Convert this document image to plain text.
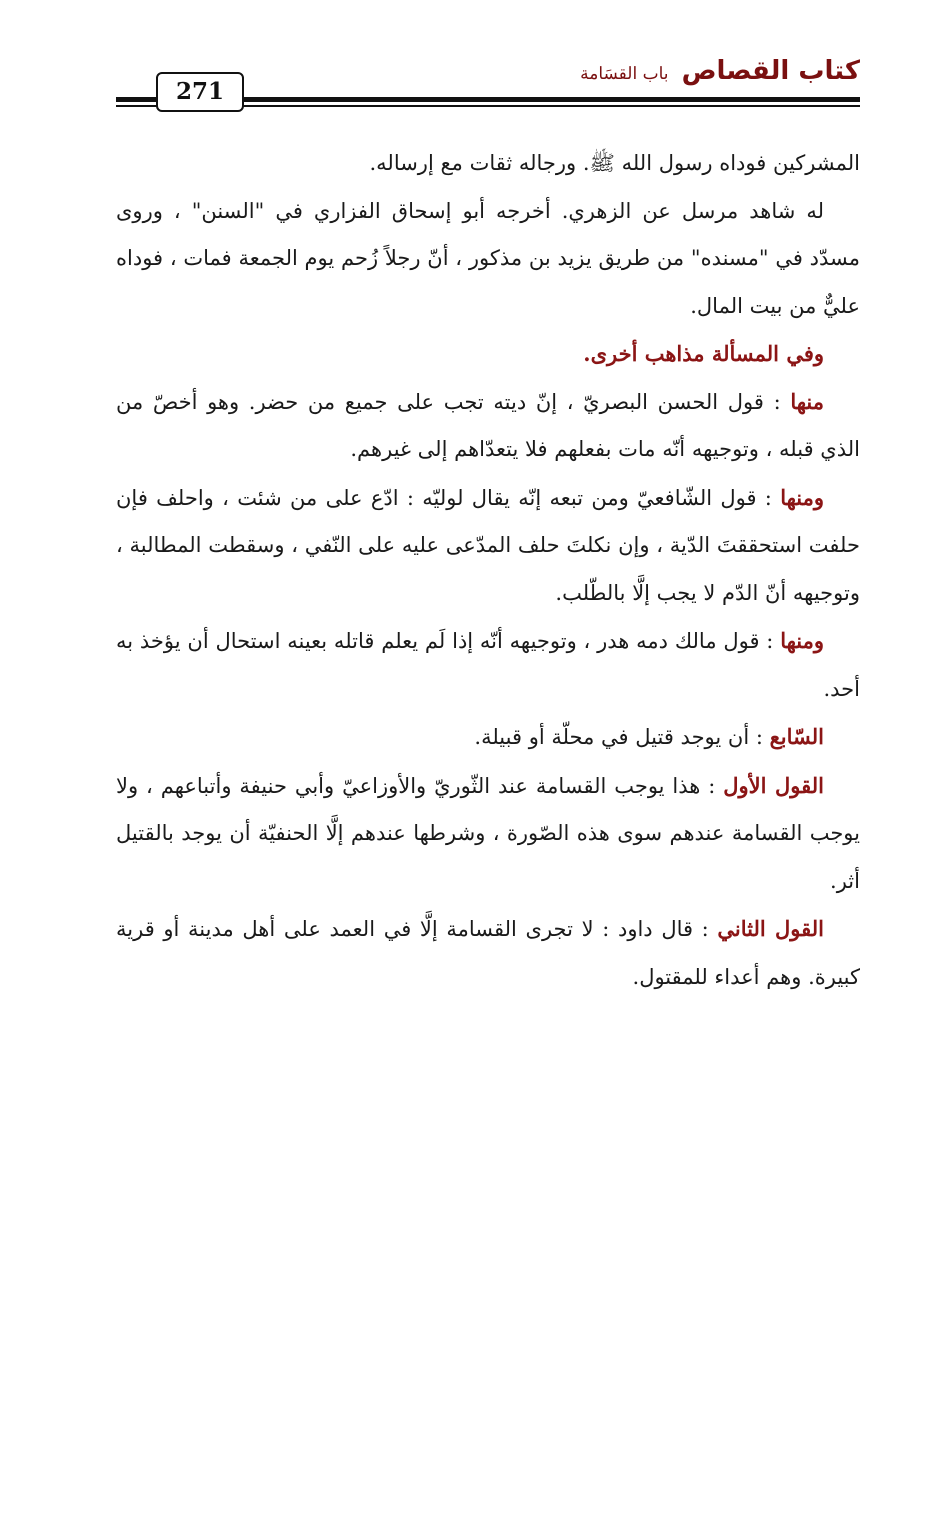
كتاب القصاص باب القسَامة
271

المشركين فوداه رسول الله ﷺ. ورجاله ثقات مع إرساله.

له شاهد مرسل عن الزهري. أخرجه أبو إسحاق الفزاري في "السنن" ، وروى مسدّد في "مسنده" من طريق يزيد بن مذكور ، أنّ رجلاً زُحم يوم الجمعة فمات ، فوداه عليٌّ من بيت المال.

وفي المسألة مذاهب أخرى.

منها : قول الحسن البصريّ ، إنّ ديته تجب على جميع من حضر. وهو أخصّ من الذي قبله ، وتوجيهه أنّه مات بفعلهم فلا يتعدّاهم إلى غيرهم.

ومنها : قول الشّافعيّ ومن تبعه إنّه يقال لوليّه : ادّع على من شئت ، واحلف فإن حلفت استحققتَ الدّية ، وإن نكلتَ حلف المدّعى عليه على النّفي ، وسقطت المطالبة ، وتوجيهه أنّ الدّم لا يجب إلَّا بالطّلب.

ومنها : قول مالك دمه هدر ، وتوجيهه أنّه إذا لَم يعلم قاتله بعينه استحال أن يؤخذ به أحد.

السّابع : أن يوجد قتيل في محلّة أو قبيلة.

القول الأول : هذا يوجب القسامة عند الثّوريّ والأوزاعيّ وأبي حنيفة وأتباعهم ، ولا يوجب القسامة عندهم سوى هذه الصّورة ، وشرطها عندهم إلَّا الحنفيّة أن يوجد بالقتيل أثر.

القول الثاني : قال داود : لا تجرى القسامة إلَّا في العمد على أهل مدينة أو قرية كبيرة. وهم أعداء للمقتول.
